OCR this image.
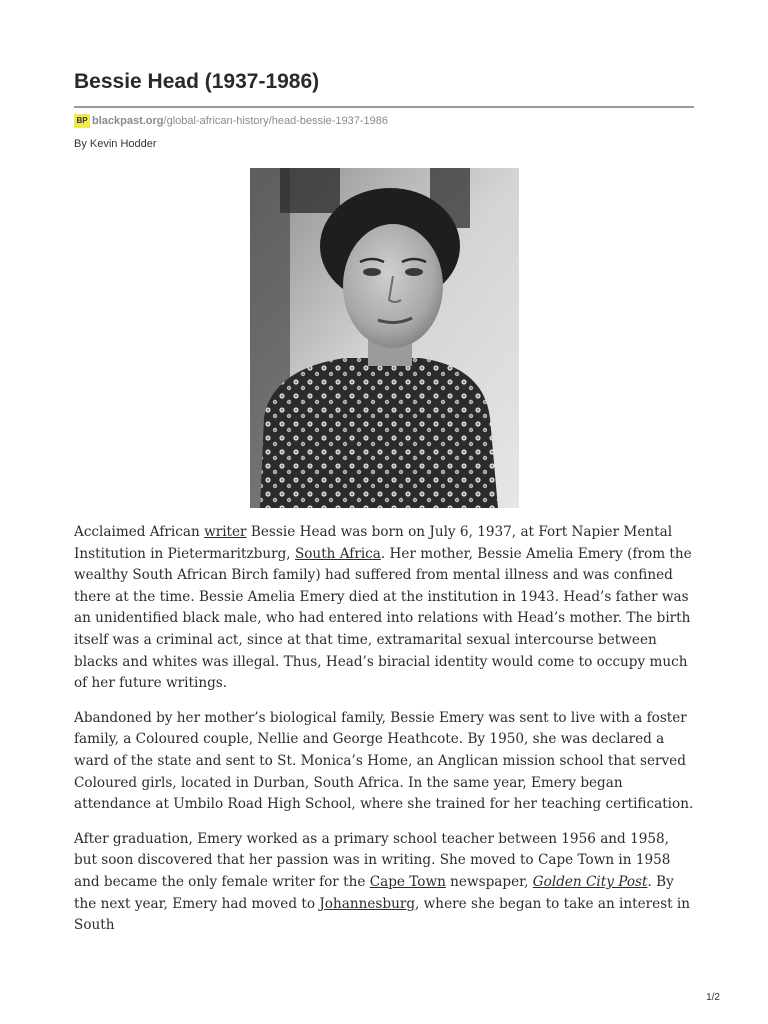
Bessie Head (1937-1986)
BP blackpast.org /global-african-history/head-bessie-1937-1986
By Kevin Hodder

Acclaimed African writer Bessie Head was born on July 6, 1937, at Fort Napier Mental Institution in Pietermaritzburg, South Africa. Her mother, Bessie Amelia Emery (from the wealthy South African Birch family) had suffered from mental illness and was confined there at the time. Bessie Amelia Emery died at the institution in 1943. Head’s father was an unidentified black male, who had entered into relations with Head’s mother. The birth itself was a criminal act, since at that time, extramarital sexual intercourse between blacks and whites was illegal. Thus, Head’s biracial identity would come to occupy much of her future writings.

Abandoned by her mother’s biological family, Bessie Emery was sent to live with a foster family, a Coloured couple, Nellie and George Heathcote. By 1950, she was declared a ward of the state and sent to St. Monica’s Home, an Anglican mission school that served Coloured girls, located in Durban, South Africa. In the same year, Emery began attendance at Umbilo Road High School, where she trained for her teaching certification.

After graduation, Emery worked as a primary school teacher between 1956 and 1958, but soon discovered that her passion was in writing. She moved to Cape Town in 1958 and became the only female writer for the Cape Town newspaper, Golden City Post. By the next year, Emery had moved to Johannesburg, where she began to take an interest in South

1/2
